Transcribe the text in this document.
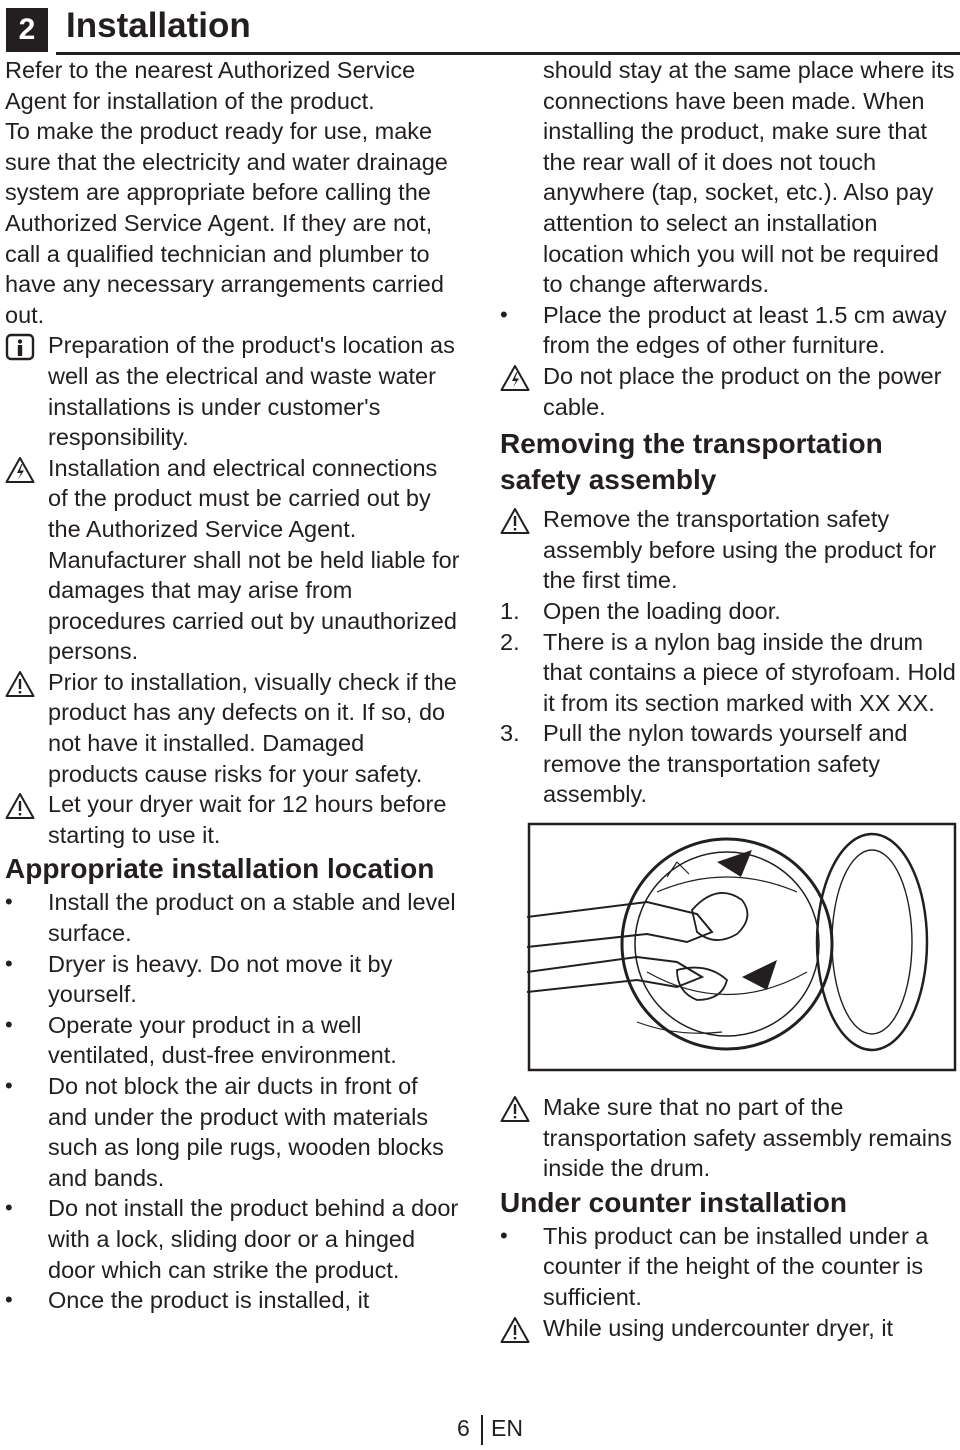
2 Installation

Refer to the nearest Authorized Service Agent for installation of the product.

To make the product ready for use, make sure that the electricity and water drainage system are appropriate before calling the Authorized Service Agent. If they are not, call a qualified technician and plumber to have any necessary arrangements carried out.

Preparation of the product's location as well as the electrical and waste water installations is under customer's responsibility.
Installation and electrical connections of the product must be carried out by the Authorized Service Agent. Manufacturer shall not be held liable for damages that may arise from procedures carried out by unauthorized persons.
Prior to installation, visually check if the product has any defects on it. If so, do not have it installed. Damaged products cause risks for your safety.
Let your dryer wait for 12 hours before starting to use it.
Appropriate installation location
• Install the product on a stable and level surface.
• Dryer is heavy. Do not move it by yourself.
• Operate your product in a well ventilated, dust-free environment.
• Do not block the air ducts in front of and under the product with materials such as long pile rugs, wooden blocks and bands.
• Do not install the product behind a door with a lock, sliding door or a hinged door which can strike the product.
• Once the product is installed, it

should stay at the same place where its connections have been made. When installing the product, make sure that the rear wall of it does not touch anywhere (tap, socket, etc.). Also pay attention to select an installation location which you will not be required to change afterwards.

• Place the product at least 1.5 cm away from the edges of other furniture.
Do not place the product on the power cable.
Removing the transportation safety assembly
Remove the transportation safety assembly before using the product for the first time.
1. Open the loading door.
2. There is a nylon bag inside the drum that contains a piece of styrofoam. Hold it from its section marked with XX XX.
3. Pull the nylon towards yourself and remove the transportation safety assembly.
Make sure that no part of the transportation safety assembly remains inside the drum.
Under counter installation
• This product can be installed under a counter if the height of the counter is sufficient.
While using undercounter dryer, it
6 EN
